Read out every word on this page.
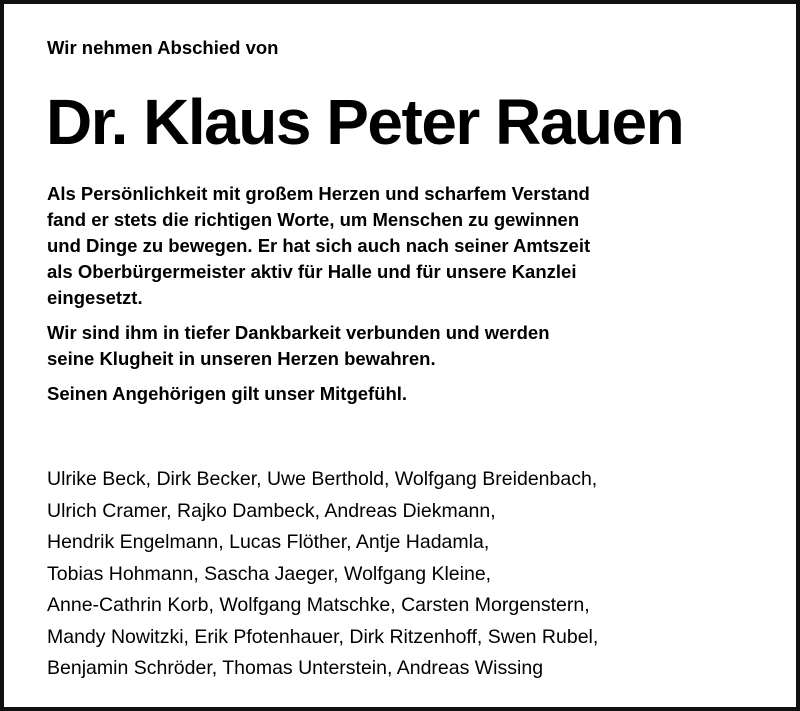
Wir nehmen Abschied von
Dr. Klaus Peter Rauen

Als Persönlichkeit mit großem Herzen und scharfem Verstand
fand er stets die richtigen Worte, um Menschen zu gewinnen
und Dinge zu bewegen. Er hat sich auch nach seiner Amtszeit
als Oberbürgermeister aktiv für Halle und für unsere Kanzlei
eingesetzt.

Wir sind ihm in tiefer Dankbarkeit verbunden und werden
seine Klugheit in unseren Herzen bewahren.

Seinen Angehörigen gilt unser Mitgefühl.

Ulrike Beck, Dirk Becker, Uwe Berthold, Wolfgang Breidenbach,
Ulrich Cramer, Rajko Dambeck, Andreas Diekmann,
Hendrik Engelmann, Lucas Flöther, Antje Hadamla,
Tobias Hohmann, Sascha Jaeger, Wolfgang Kleine,
Anne-Cathrin Korb, Wolfgang Matschke, Carsten Morgenstern,
Mandy Nowitzki, Erik Pfotenhauer, Dirk Ritzenhoff, Swen Rubel,
Benjamin Schröder, Thomas Unterstein, Andreas Wissing
